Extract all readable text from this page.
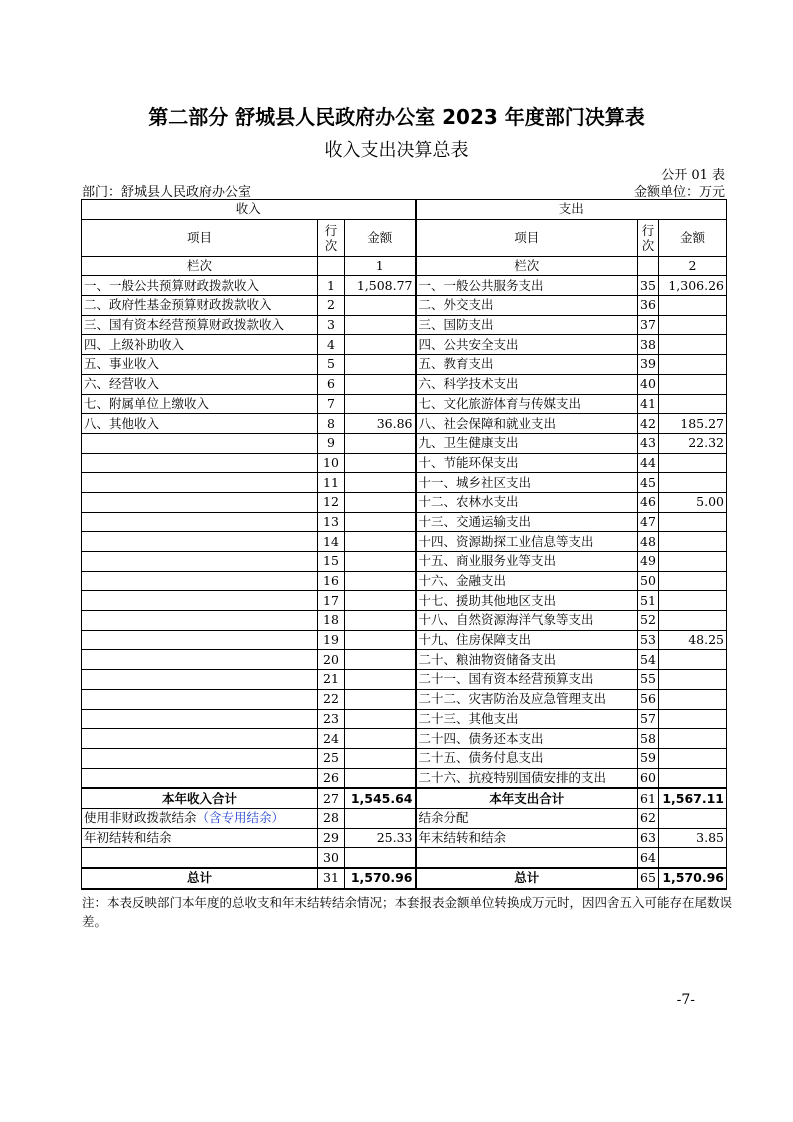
第二部分 舒城县人民政府办公室 2023 年度部门决算表
收入支出决算总表
公开 01 表
部门：舒城县人民政府办公室	金额单位：万元
收入			支出		
项目	行次	金额	项目	行次	金额
栏次		1	栏次		2
一、一般公共预算财政拨款收入	1	1,508.77	一、一般公共服务支出	35	1,306.26
二、政府性基金预算财政拨款收入	2		二、外交支出	36	
三、国有资本经营预算财政拨款收入	3		三、国防支出	37	
四、上级补助收入	4		四、公共安全支出	38	
五、事业收入	5		五、教育支出	39	
六、经营收入	6		六、科学技术支出	40	
七、附属单位上缴收入	7		七、文化旅游体育与传媒支出	41	
八、其他收入	8	36.86	八、社会保障和就业支出	42	185.27
	9		九、卫生健康支出	43	22.32
	10		十、节能环保支出	44	
	11		十一、城乡社区支出	45	
	12		十二、农林水支出	46	5.00
	13		十三、交通运输支出	47	
	14		十四、资源勘探工业信息等支出	48	
	15		十五、商业服务业等支出	49	
	16		十六、金融支出	50	
	17		十七、援助其他地区支出	51	
	18		十八、自然资源海洋气象等支出	52	
	19		十九、住房保障支出	53	48.25
	20		二十、粮油物资储备支出	54	
	21		二十一、国有资本经营预算支出	55	
	22		二十二、灾害防治及应急管理支出	56	
	23		二十三、其他支出	57	
	24		二十四、债务还本支出	58	
	25		二十五、债务付息支出	59	
	26		二十六、抗疫特别国债安排的支出	60	
本年收入合计	27	1,545.64	本年支出合计	61	1,567.11
使用非财政拨款结余（含专用结余）	28		结余分配	62	
年初结转和结余	29	25.33	年末结转和结余	63	3.85
	30			64	
总计	31	1,570.96	总计	65	1,570.96
注：本表反映部门本年度的总收支和年末结转结余情况；本套报表金额单位转换成万元时，因四舍五入可能存在尾数误差。
-7-
